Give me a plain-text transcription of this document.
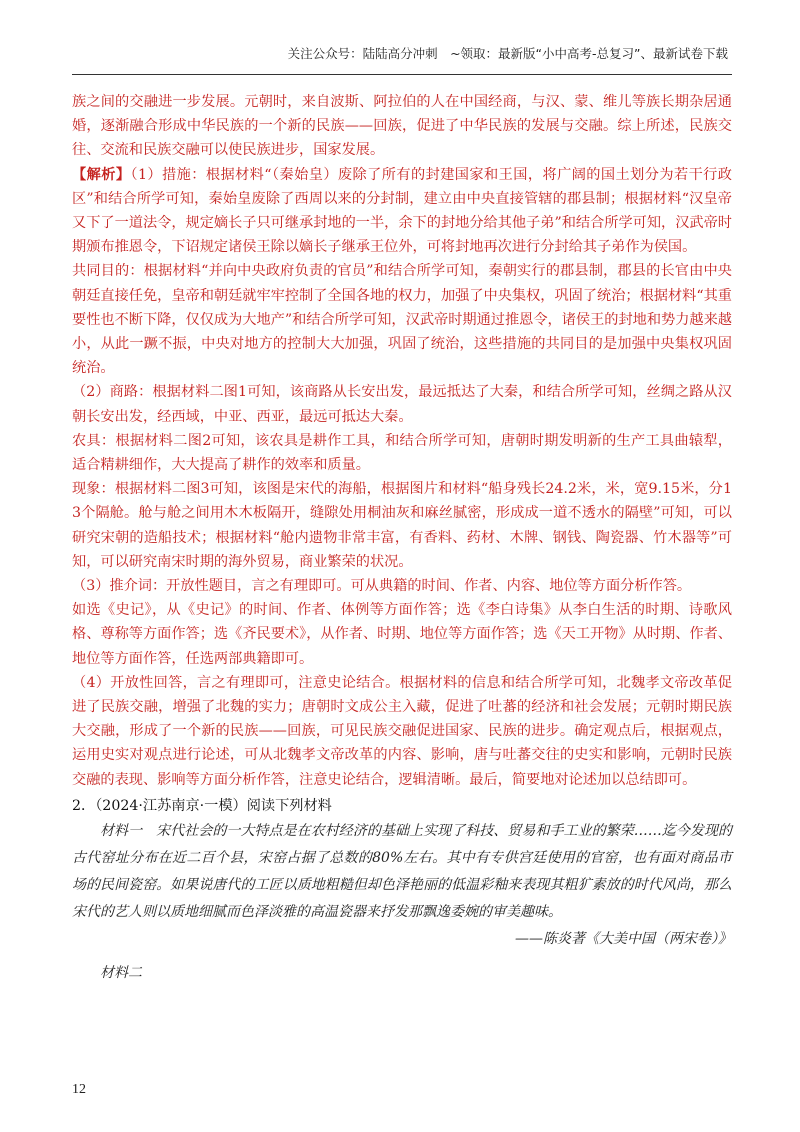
关注公众号：陆陆高分冲刺　~领取：最新版“小中高考-总复习”、最新试卷下载

族之间的交融进一步发展。元朝时，来自波斯、阿拉伯的人在中国经商，与汉、蒙、维儿等族长期杂居通婚，逐渐融合形成中华民族的一个新的民族——回族，促进了中华民族的发展与交融。综上所述，民族交往、交流和民族交融可以使民族进步，国家发展。

【解析】（1）措施：根据材料“（秦始皇）废除了所有的封建国家和王国，将广阔的国土划分为若干行政区”和结合所学可知，秦始皇废除了西周以来的分封制，建立由中央直接管辖的郡县制；根据材料“汉皇帝又下了一道法令，规定嫡长子只可继承封地的一半，余下的封地分给其他子弟”和结合所学可知，汉武帝时期颁布推恩令，下诏规定诸侯王除以嫡长子继承王位外，可将封地再次进行分封给其子弟作为侯国。

共同目的：根据材料“并向中央政府负责的官员”和结合所学可知，秦朝实行的郡县制，郡县的长官由中央朝廷直接任免，皇帝和朝廷就牢牢控制了全国各地的权力，加强了中央集权，巩固了统治；根据材料“其重要性也不断下降，仅仅成为大地产”和结合所学可知，汉武帝时期通过推恩令，诸侯王的封地和势力越来越小，从此一蹶不振，中央对地方的控制大大加强，巩固了统治，这些措施的共同目的是加强中央集权巩固统治。

（2）商路：根据材料二图1可知，该商路从长安出发，最远抵达了大秦，和结合所学可知，丝绸之路从汉朝长安出发，经西域，中亚、西亚，最远可抵达大秦。

农具：根据材料二图2可知，该农具是耕作工具，和结合所学可知，唐朝时期发明新的生产工具曲辕犁，适合精耕细作，大大提高了耕作的效率和质量。

现象：根据材料二图3可知，该图是宋代的海船，根据图片和材料“船身残长24.2米，米，宽9.15米，分13个隔舱。舱与舱之间用木木板隔开，缝隙处用桐油灰和麻丝腻密，形成成一道不透水的隔壁”可知，可以研究宋朝的造船技术；根据材料“舱内遗物非常丰富，有香料、药材、木牌、钢钱、陶瓷器、竹木器等”可知，可以研究南宋时期的海外贸易，商业繁荣的状况。

（3）推介词：开放性题目，言之有理即可。可从典籍的时间、作者、内容、地位等方面分析作答。

如选《史记》，从《史记》的时间、作者、体例等方面作答；选《李白诗集》从李白生活的时期、诗歌风格、尊称等方面作答；选《齐民要术》，从作者、时期、地位等方面作答；选《天工开物》从时期、作者、地位等方面作答，任选两部典籍即可。

（4）开放性回答，言之有理即可，注意史论结合。根据材料的信息和结合所学可知，北魏孝文帝改革促进了民族交融，增强了北魏的实力；唐朝时文成公主入藏，促进了吐蕃的经济和社会发展；元朝时期民族大交融，形成了一个新的民族——回族，可见民族交融促进国家、民族的进步。确定观点后，根据观点，运用史实对观点进行论述，可从北魏孝文帝改革的内容、影响，唐与吐蕃交往的史实和影响，元朝时民族交融的表现、影响等方面分析作答，注意史论结合，逻辑清晰。最后，简要地对论述加以总结即可。

2．（2024·江苏南京·一模）阅读下列材料

材料一　宋代社会的一大特点是在农村经济的基础上实现了科技、贸易和手工业的繁荣……迄今发现的古代窑址分布在近二百个县，宋窑占据了总数的80%左右。其中有专供宫廷使用的官窑，也有面对商品市场的民间瓷窑。如果说唐代的工匠以质地粗糙但却色泽艳丽的低温彩釉来表现其粗犷素放的时代风尚，那么宋代的艺人则以质地细腻而色泽淡雅的高温瓷器来抒发那飘逸委婉的审美趣味。

——陈炎著《大美中国（两宋卷）》

材料二

12
